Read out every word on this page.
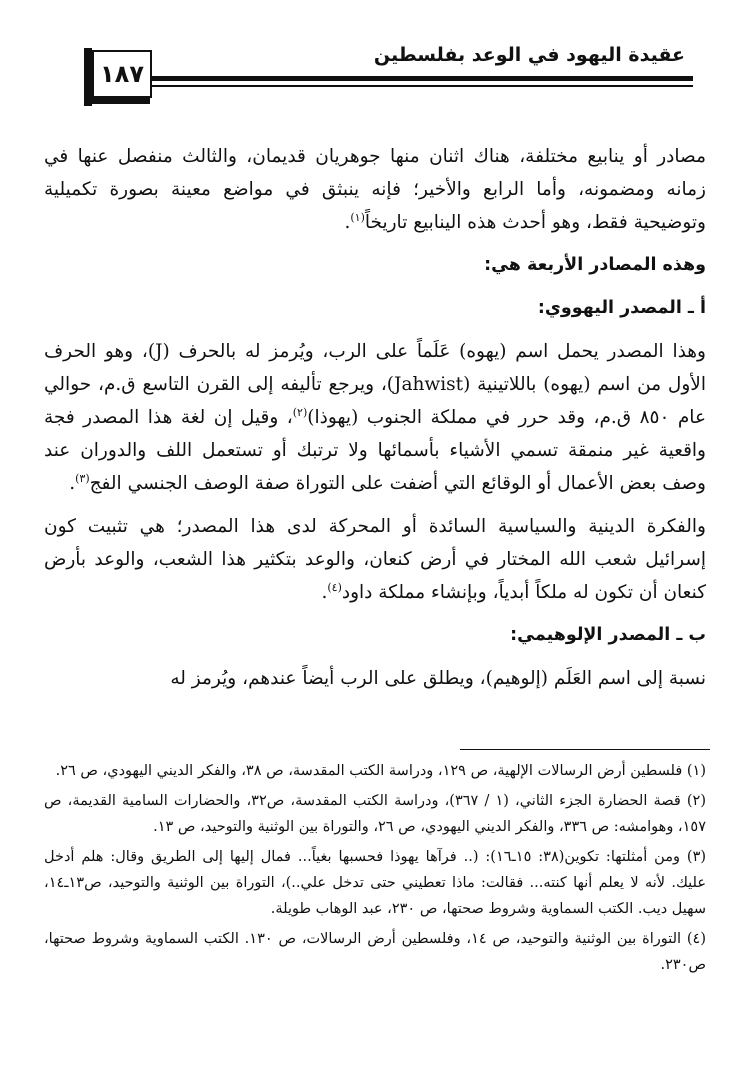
عقيدة اليهود في الوعد بفلسطين
١٨٧

مصادر أو ينابيع مختلفة، هناك اثنان منها جوهريان قديمان، والثالث منفصل عنها في زمانه ومضمونه، وأما الرابع والأخير؛ فإنه ينبثق في مواضع معينة بصورة تكميلية وتوضيحية فقط، وهو أحدث هذه الينابيع تاريخاً$^{(١)}$.

وهذه المصادر الأربعة هي:

أ ـ المصدر اليهووي:

وهذا المصدر يحمل اسم (يهوه) عَلَماً على الرب، ويُرمز له بالحرف (J)، وهو الحرف الأول من اسم (يهوه) باللاتينية (Jahwist)، ويرجع تأليفه إلى القرن التاسع ق.م، حوالي عام ٨٥٠ ق.م، وقد حرر في مملكة الجنوب (يهوذا)$^{(٢)}$، وقيل إن لغة هذا المصدر فجة واقعية غير منمقة تسمي الأشياء بأسمائها ولا ترتبك أو تستعمل اللف والدوران عند وصف بعض الأعمال أو الوقائع التي أضفت على التوراة صفة الوصف الجنسي الفج$^{(٣)}$.

والفكرة الدينية والسياسية السائدة أو المحركة لدى هذا المصدر؛ هي تثبيت كون إسرائيل شعب الله المختار في أرض كنعان، والوعد بتكثير هذا الشعب، والوعد بأرض كنعان أن تكون له ملكاً أبدياً، وبإنشاء مملكة داود$^{(٤)}$.

ب ـ المصدر الإلوهيمي:

نسبة إلى اسم العَلَم (إلوهيم)، ويطلق على الرب أيضاً عندهم، ويُرمز له

(١) فلسطين أرض الرسالات الإلهية، ص ١٢٩، ودراسة الكتب المقدسة، ص ٣٨، والفكر الديني اليهودي، ص ٢٦.

(٢) قصة الحضارة الجزء الثاني، (١ / ٣٦٧)، ودراسة الكتب المقدسة، ص٣٢، والحضارات السامية القديمة، ص ١٥٧، وهوامشه: ص ٣٣٦، والفكر الديني اليهودي، ص ٢٦، والتوراة بين الوثنية والتوحيد، ص ١٣.

(٣) ومن أمثلتها: تكوين(٣٨: ١٥ـ١٦): (.. فرآها يهوذا فحسبها بغياً... فمال إليها إلى الطريق وقال: هلم أدخل عليك. لأنه لا يعلم أنها كنته... فقالت: ماذا تعطيني حتى تدخل علي..)، التوراة بين الوثنية والتوحيد، ص١٣ـ١٤، سهيل ديب. الكتب السماوية وشروط صحتها، ص ٢٣٠، عبد الوهاب طويلة.

(٤) التوراة بين الوثنية والتوحيد، ص ١٤، وفلسطين أرض الرسالات، ص ١٣٠. الكتب السماوية وشروط صحتها، ص٢٣٠.
